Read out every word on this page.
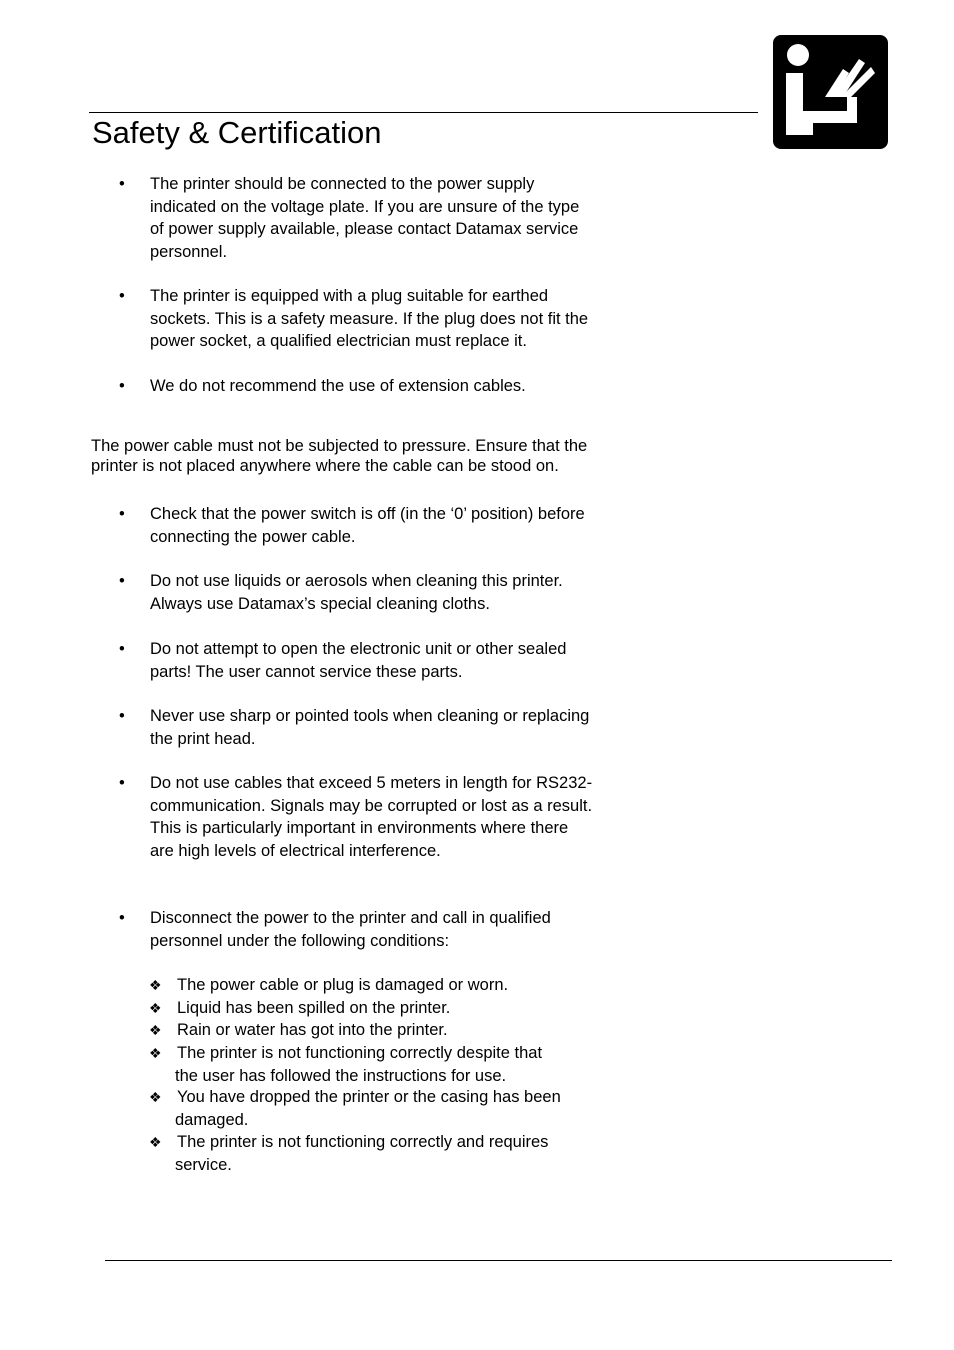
Safety & Certification
•	The printer should be connected to the power supply indicated on the voltage plate. If you are unsure of the type of power supply available, please contact Datamax service personnel.
•	The printer is equipped with a plug suitable for earthed sockets. This is a safety measure. If the plug does not fit the power socket, a qualified electrician must replace it.
•	We do not recommend the use of extension cables.

The power cable must not be subjected to pressure. Ensure that the printer is not placed anywhere where the cable can be stood on.

•	Check that the power switch is off (in the ‘0’ position) before connecting the power cable.
•	Do not use liquids or aerosols when cleaning this printer. Always use Datamax’s special cleaning cloths.
•	Do not attempt to open the electronic unit or other sealed parts! The user cannot service these parts.
•	Never use sharp or pointed tools when cleaning or replacing the print head.
•	Do not use cables that exceed 5 meters in length for RS232-communication. Signals may be corrupted or lost as a result. This is particularly important in environments where there are high levels of electrical interference.
•	Disconnect the power to the printer and call in qualified personnel under the following conditions:
❖ The power cable or plug is damaged or worn.
❖ Liquid has been spilled on the printer.
❖ Rain or water has got into the printer.
❖ The printer is not functioning correctly despite that
the user has followed the instructions for use.
❖ You have dropped the printer or the casing has been
damaged.
❖ The printer is not functioning correctly and requires
service.
